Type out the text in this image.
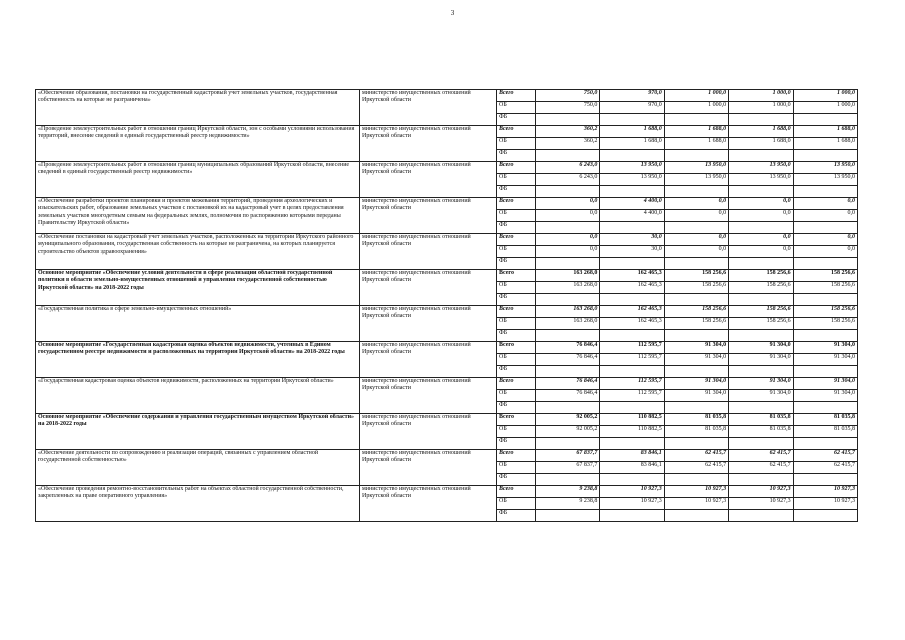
3
«Обеспечение образования, постановки на государственный кадастровый учет земельных участков, государственная собственность на которые не разграничена»	министерство имущественных отношений Иркутской области	Всего	750,0	970,0	1 000,0	1 000,0	1 000,0
		ОБ	750,0	970,0	1 000,0	1 000,0	1 000,0
		ФБ					
«Проведение землеустроительных работ в отношении границ Иркутской области, зон с особыми условиями использования территорий, внесение сведений в единый государственный реестр недвижимости»	министерство имущественных отношений Иркутской области	Всего	360,2	1 688,0	1 688,0	1 688,0	1 688,0
		ОБ	360,2	1 688,0	1 688,0	1 688,0	1 688,0
		ФБ					
«Проведение землеустроительных работ в отношении границ муниципальных образований Иркутской области, внесение сведений в единый государственный реестр недвижимости»	министерство имущественных отношений Иркутской области	Всего	6 243,0	13 950,0	13 950,0	13 950,0	13 950,0
		ОБ	6 243,0	13 950,0	13 950,0	13 950,0	13 950,0
		ФБ					
«Обеспечение разработки проектов планировки и проектов межевания территорий, проведения археологических и изыскательских работ, образование земельных участков с постановкой их на кадастровый учет в целях предоставления земельных участков многодетным семьям на федеральных землях, полномочия по распоряжению которыми переданы Правительству Иркутской области»	министерство имущественных отношений Иркутской области	Всего	0,0	4 400,0	0,0	0,0	0,0
		ОБ	0,0	4 400,0	0,0	0,0	0,0
		ФБ					
«Обеспечение постановки на кадастровый учет земельных участков, расположенных на территории Иркутского районного муниципального образования, государственная собственность на которые не разграничена, на которых планируется строительство объектов здравоохранения»	министерство имущественных отношений Иркутской области	Всего	0,0	30,0	0,0	0,0	0,0
		ОБ	0,0	30,0	0,0	0,0	0,0
		ФБ					
Основное мероприятие «Обеспечение условий деятельности в сфере реализации областной государственной политики в области земельно-имущественных отношений и управления государственной собственностью Иркутской области» на 2018-2022 годы	министерство имущественных отношений Иркутской области	Всего	163 268,0	162 465,3	158 256,6	158 256,6	158 256,6
		ОБ	163 268,0	162 465,3	158 256,6	158 256,6	158 256,6
		ФБ					
«Государственная политика в сфере земельно-имущественных отношений»	министерство имущественных отношений Иркутской области	Всего	163 268,0	162 465,3	158 256,6	158 256,6	158 256,6
		ОБ	163 268,0	162 465,3	158 256,6	158 256,6	158 256,6
		ФБ					
Основное мероприятие «Государственная кадастровая оценка объектов недвижимости, учтенных в Едином государственном реестре недвижимости и расположенных на территории Иркутской области» на 2018-2022 годы	министерство имущественных отношений Иркутской области	Всего	76 846,4	112 595,7	91 304,0	91 304,0	91 304,0
		ОБ	76 846,4	112 595,7	91 304,0	91 304,0	91 304,0
		ФБ					
«Государственная кадастровая оценка объектов недвижимости, расположенных на территории Иркутской области»	министерство имущественных отношений Иркутской области	Всего	76 846,4	112 595,7	91 304,0	91 304,0	91 304,0
		ОБ	76 846,4	112 595,7	91 304,0	91 304,0	91 304,0
		ФБ					
Основное мероприятие «Обеспечение содержания и управления государственным имуществом Иркутской области» на 2018-2022 годы	министерство имущественных отношений Иркутской области	Всего	92 005,2	110 882,5	81 035,8	81 035,8	81 035,8
		ОБ	92 005,2	110 882,5	81 035,8	81 035,8	81 035,8
		ФБ					
«Обеспечение деятельности по сопровождению и реализации операций, связанных с управлением областной государственной собственностью»	министерство имущественных отношений Иркутской области	Всего	67 837,7	83 846,1	62 415,7	62 415,7	62 415,7
		ОБ	67 837,7	83 846,1	62 415,7	62 415,7	62 415,7
		ФБ					
«Обеспечение проведения ремонтно-восстановительных работ на объектах областной государственной собственности, закрепленных на праве оперативного управления»	министерство имущественных отношений Иркутской области	Всего	9 238,8	10 927,3	10 927,3	10 927,3	10 927,3
		ОБ	9 238,8	10 927,3	10 927,3	10 927,3	10 927,3
		ФБ					
